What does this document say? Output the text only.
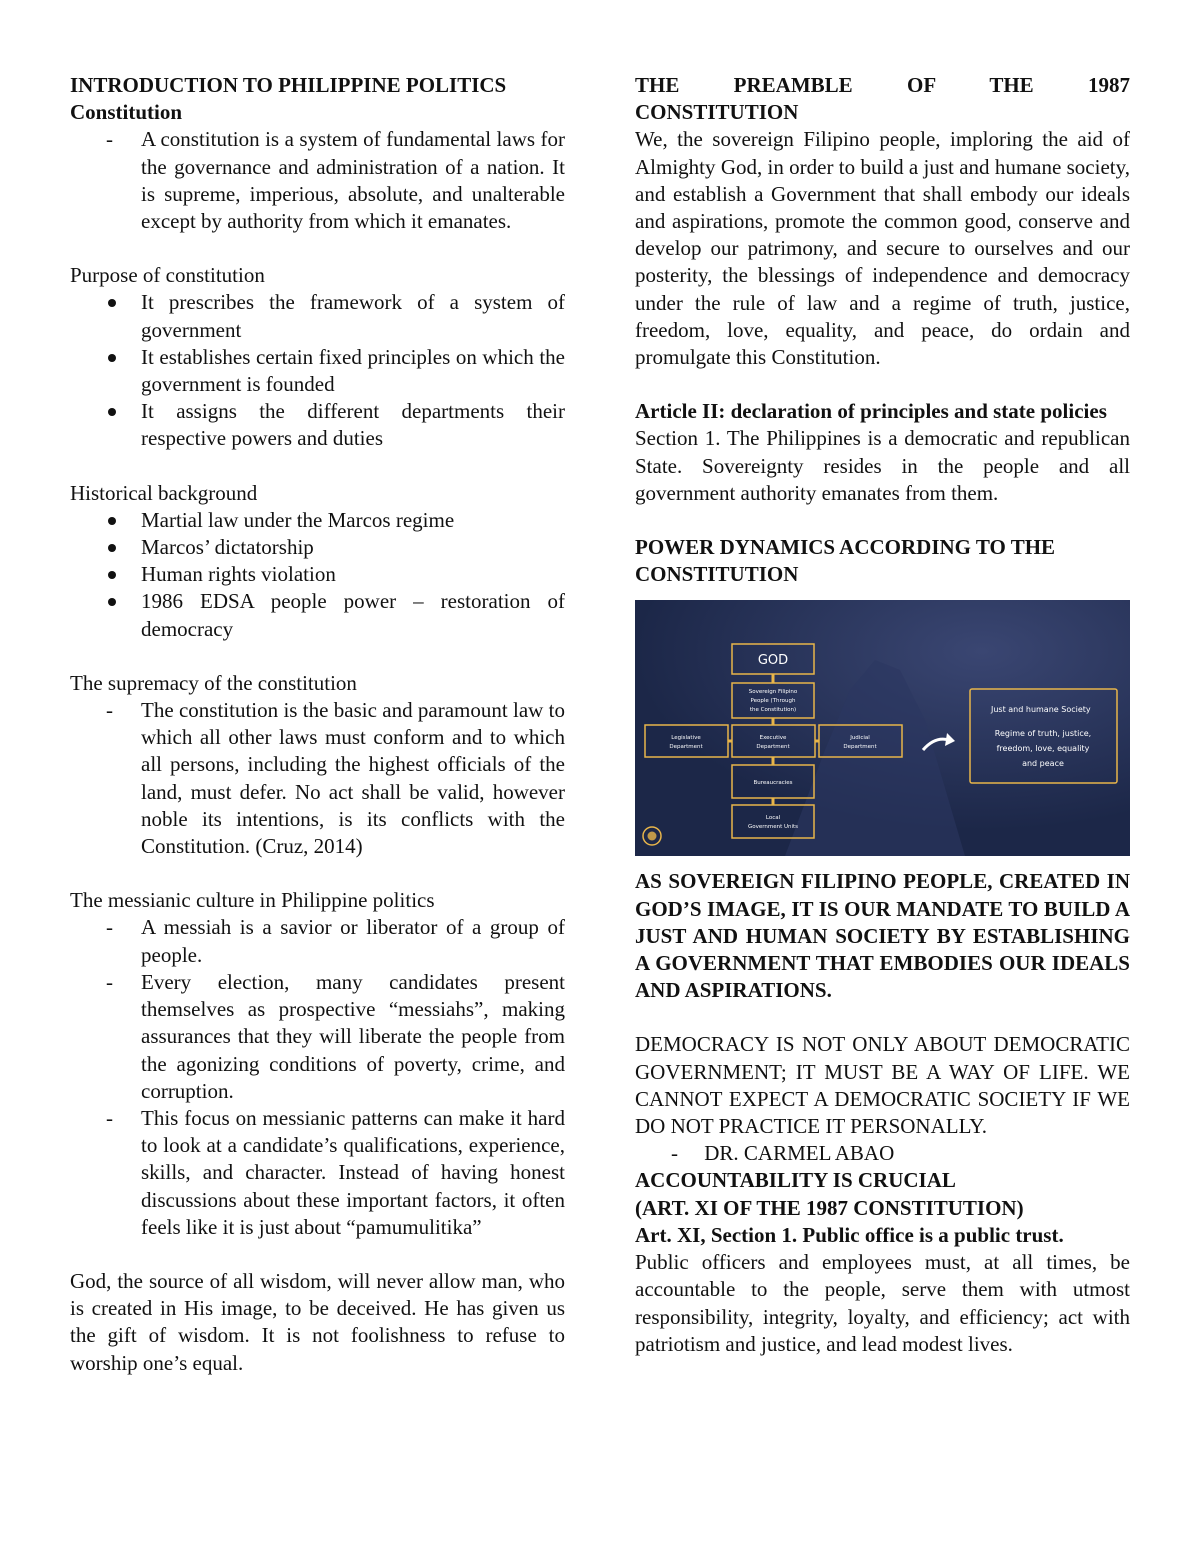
INTRODUCTION TO PHILIPPINE POLITICS

Constitution

-	A constitution is a system of fundamental laws for the governance and administration of a nation. It is supreme, imperious, absolute, and unalterable except by authority from which it emanates.

Purpose of constitution

It prescribes the framework of a system of government
It establishes certain fixed principles on which the government is founded
It assigns the different departments their respective powers and duties

Historical background

Martial law under the Marcos regime
Marcos’ dictatorship
Human rights violation
1986 EDSA people power – restoration of democracy

The supremacy of the constitution

-	The constitution is the basic and paramount law to which all other laws must conform and to which all persons, including the highest officials of the land, must defer. No act shall be valid, however noble its intentions, is its conflicts with the Constitution. (Cruz, 2014)

The messianic culture in Philippine politics

-	A messiah is a savior or liberator of a group of people.
-	Every election, many candidates present themselves as prospective “messiahs”, making assurances that they will liberate the people from the agonizing conditions of poverty, crime, and corruption.
-	This focus on messianic patterns can make it hard to look at a candidate’s qualifications, experience, skills, and character. Instead of having honest discussions about these important factors, it often feels like it is just about “pamumulitika”

God, the source of all wisdom, will never allow man, who is created in His image, to be deceived. He has given us the gift of wisdom. It is not foolishness to refuse to worship one’s equal.

THE PREAMBLE OF THE 1987

CONSTITUTION

We, the sovereign Filipino people, imploring the aid of Almighty God, in order to build a just and humane society, and establish a Government that shall embody our ideals and aspirations, promote the common good, conserve and develop our patrimony, and secure to ourselves and our posterity, the blessings of independence and democracy under the rule of law and a regime of truth, justice, freedom, love, equality, and peace, do ordain and promulgate this Constitution.

Article II: declaration of principles and state policies

Section 1. The Philippines is a democratic and republican State. Sovereignty resides in the people and all government authority emanates from them.

POWER DYNAMICS ACCORDING TO THE CONSTITUTION

GOD
Sovereign Filipino
People (Through
the Constitution)
Legislative
Department
Executive
Department
Judicial
Department
Bureaucracies
Local
Government Units
Just and humane Society
Regime of truth, justice,
freedom, love, equality
and peace

AS SOVEREIGN FILIPINO PEOPLE, CREATED IN GOD’S IMAGE, IT IS OUR MANDATE TO BUILD A JUST AND HUMAN SOCIETY BY ESTABLISHING A GOVERNMENT THAT EMBODIES OUR IDEALS AND ASPIRATIONS.

DEMOCRACY IS NOT ONLY ABOUT DEMOCRATIC GOVERNMENT; IT MUST BE A WAY OF LIFE. WE CANNOT EXPECT A DEMOCRATIC SOCIETY IF WE DO NOT PRACTICE IT PERSONALLY.

-     DR. CARMEL ABAO

ACCOUNTABILITY IS CRUCIAL

(ART. XI OF THE 1987 CONSTITUTION)

Art. XI, Section 1. Public office is a public trust.

Public officers and employees must, at all times, be accountable to the people, serve them with utmost responsibility, integrity, loyalty, and efficiency; act with patriotism and justice, and lead modest lives.
